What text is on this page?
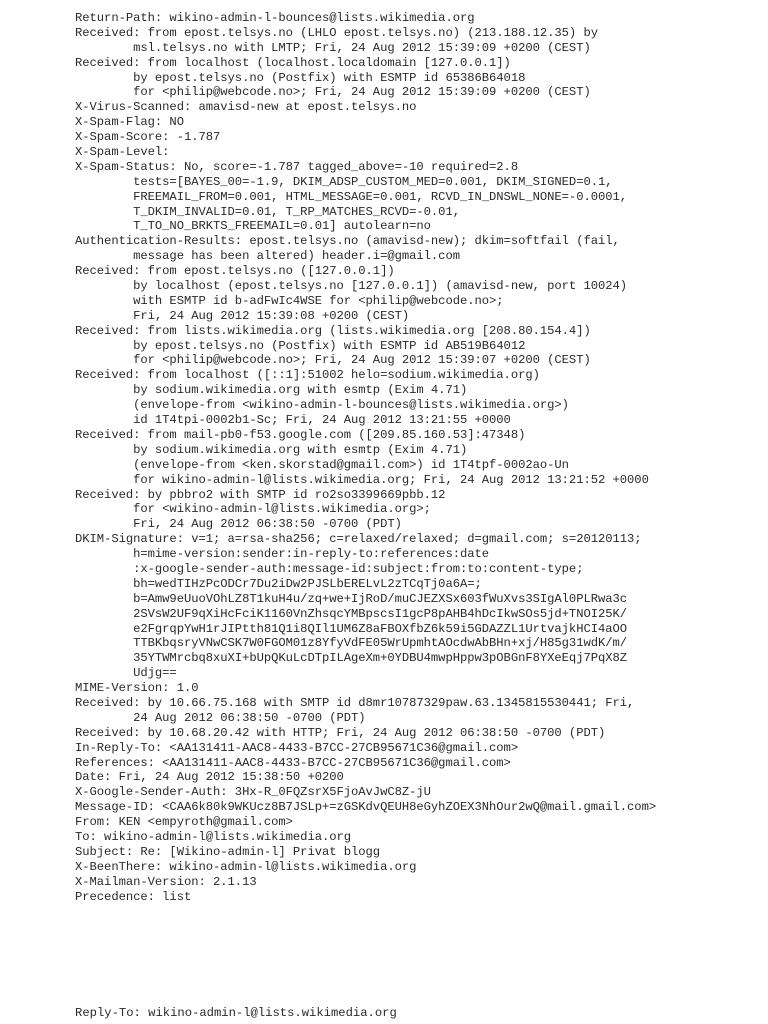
Return-Path: wikino-admin-l-bounces@lists.wikimedia.org
Received: from epost.telsys.no (LHLO epost.telsys.no) (213.188.12.35) by
msl.telsys.no with LMTP; Fri, 24 Aug 2012 15:39:09 +0200 (CEST)
Received: from localhost (localhost.localdomain [127.0.0.1])
by epost.telsys.no (Postfix) with ESMTP id 65386B64018
for <philip@webcode.no>; Fri, 24 Aug 2012 15:39:09 +0200 (CEST)
X-Virus-Scanned: amavisd-new at epost.telsys.no
X-Spam-Flag: NO
X-Spam-Score: -1.787
X-Spam-Level:
X-Spam-Status: No, score=-1.787 tagged_above=-10 required=2.8
tests=[BAYES_00=-1.9, DKIM_ADSP_CUSTOM_MED=0.001, DKIM_SIGNED=0.1,
FREEMAIL_FROM=0.001, HTML_MESSAGE=0.001, RCVD_IN_DNSWL_NONE=-0.0001,
T_DKIM_INVALID=0.01, T_RP_MATCHES_RCVD=-0.01,
T_TO_NO_BRKTS_FREEMAIL=0.01] autolearn=no
Authentication-Results: epost.telsys.no (amavisd-new); dkim=softfail (fail,
message has been altered) header.i=@gmail.com
Received: from epost.telsys.no ([127.0.0.1])
by localhost (epost.telsys.no [127.0.0.1]) (amavisd-new, port 10024)
with ESMTP id b-adFwIc4WSE for <philip@webcode.no>;
Fri, 24 Aug 2012 15:39:08 +0200 (CEST)
Received: from lists.wikimedia.org (lists.wikimedia.org [208.80.154.4])
by epost.telsys.no (Postfix) with ESMTP id AB519B64012
for <philip@webcode.no>; Fri, 24 Aug 2012 15:39:07 +0200 (CEST)
Received: from localhost ([::1]:51002 helo=sodium.wikimedia.org)
by sodium.wikimedia.org with esmtp (Exim 4.71)
(envelope-from <wikino-admin-l-bounces@lists.wikimedia.org>)
id 1T4tpi-0002b1-Sc; Fri, 24 Aug 2012 13:21:55 +0000
Received: from mail-pb0-f53.google.com ([209.85.160.53]:47348)
by sodium.wikimedia.org with esmtp (Exim 4.71)
(envelope-from <ken.skorstad@gmail.com>) id 1T4tpf-0002ao-Un
for wikino-admin-l@lists.wikimedia.org; Fri, 24 Aug 2012 13:21:52 +0000
Received: by pbbro2 with SMTP id ro2so3399669pbb.12
for <wikino-admin-l@lists.wikimedia.org>;
Fri, 24 Aug 2012 06:38:50 -0700 (PDT)
DKIM-Signature: v=1; a=rsa-sha256; c=relaxed/relaxed; d=gmail.com; s=20120113;
h=mime-version:sender:in-reply-to:references:date
:x-google-sender-auth:message-id:subject:from:to:content-type;
bh=wedTIHzPcODCr7Du2iDw2PJSLbERELvL2zTCqTj0a6A=;
b=Amw9eUuoVOhLZ8T1kuH4u/zq+we+IjRoD/muCJEZXSx603fWuXvs3SIgAl0PLRwa3c
2SVsW2UF9qXiHcFciK1160VnZhsqcYMBpscsI1gcP8pAHB4hDcIkwSOs5jd+TNOI25K/
e2FgrqpYwH1rJIPtth81Q1i8QIl1UM6Z8aFBOXfbZ6k59i5GDAZZL1UrtvajkHCI4aOO
TTBKbqsryVNwCSK7W0FGOM01z8YfyVdFE05WrUpmhtAOcdwAbBHn+xj/H85g31wdK/m/
35YTWMrcbq8xuXI+bUpQKuLcDTpILAgeXm+0YDBU4mwpHppw3pOBGnF8YXeEqj7PqX8Z
Udjg==
MIME-Version: 1.0
Received: by 10.66.75.168 with SMTP id d8mr10787329paw.63.1345815530441; Fri,
24 Aug 2012 06:38:50 -0700 (PDT)
Received: by 10.68.20.42 with HTTP; Fri, 24 Aug 2012 06:38:50 -0700 (PDT)
In-Reply-To: <AA131411-AAC8-4433-B7CC-27CB95671C36@gmail.com>
References: <AA131411-AAC8-4433-B7CC-27CB95671C36@gmail.com>
Date: Fri, 24 Aug 2012 15:38:50 +0200
X-Google-Sender-Auth: 3Hx-R_0FQZsrX5FjoAvJwC8Z-jU
Message-ID: <CAA6k80k9WKUcz8B7JSLp+=zGSKdvQEUH8eGyhZOEX3NhOur2wQ@mail.gmail.com>
From: KEN <empyroth@gmail.com>
To: wikino-admin-l@lists.wikimedia.org
Subject: Re: [Wikino-admin-l] Privat blogg
X-BeenThere: wikino-admin-l@lists.wikimedia.org
X-Mailman-Version: 2.1.13
Precedence: list
Reply-To: wikino-admin-l@lists.wikimedia.org
